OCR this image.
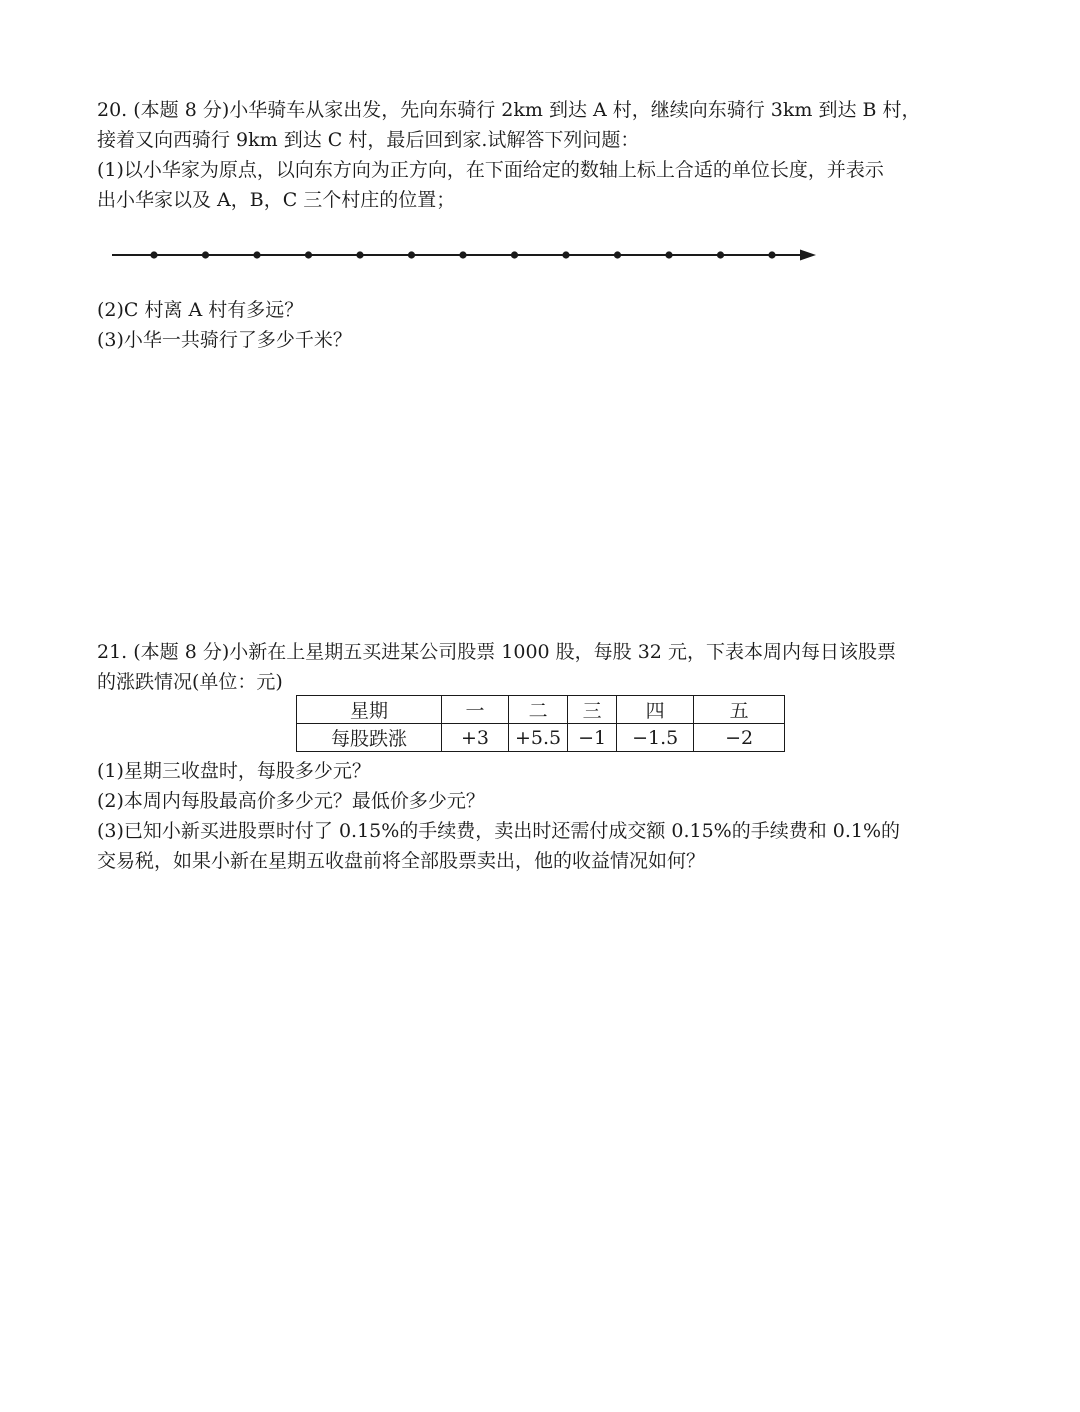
20. (本题 8 分)小华骑车从家出发，先向东骑行 2km 到达 A 村，继续向东骑行 3km 到达 B 村，
接着又向西骑行 9km 到达 C 村，最后回到家.试解答下列问题：
(1)以小华家为原点，以向东方向为正方向，在下面给定的数轴上标上合适的单位长度，并表示
出小华家以及 A，B，C 三个村庄的位置；
(2)C 村离 A 村有多远？
(3)小华一共骑行了多少千米？
21. (本题 8 分)小新在上星期五买进某公司股票 1000 股，每股 32 元，下表本周内每日该股票
的涨跌情况(单位：元)
星期	一	二	三	四	五
每股跌涨	+3	+5.5	−1	−1.5	−2
(1)星期三收盘时，每股多少元？
(2)本周内每股最高价多少元？最低价多少元？
(3)已知小新买进股票时付了 0.15%的手续费，卖出时还需付成交额 0.15%的手续费和 0.1%的
交易税，如果小新在星期五收盘前将全部股票卖出，他的收益情况如何？
